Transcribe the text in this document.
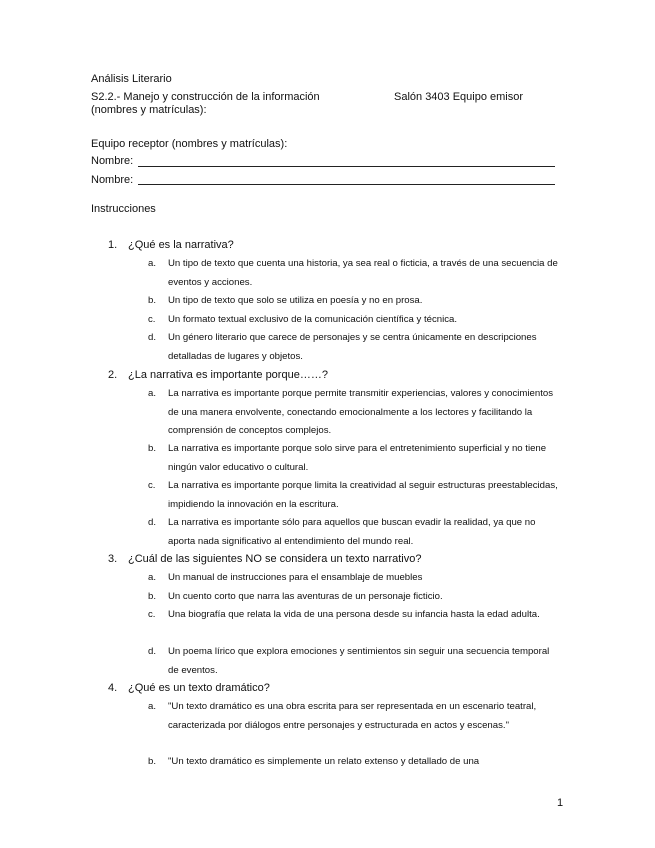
Análisis Literario
S2.2.- Manejo y construcción de la información	Salón 3403 Equipo emisor
(nombres y matrículas):
Equipo receptor (nombres y matrículas):
Nombre:
Nombre:
Instrucciones
1. ¿Qué es la narrativa?
a. Un tipo de texto que cuenta una historia, ya sea real o ficticia, a través de una secuencia de eventos y acciones.
b. Un tipo de texto que solo se utiliza en poesía y no en prosa.
c. Un formato textual exclusivo de la comunicación científica y técnica.
d. Un género literario que carece de personajes y se centra únicamente en descripciones detalladas de lugares y objetos.
2. ¿La narrativa es importante porque……?
a. La narrativa es importante porque permite transmitir experiencias, valores y conocimientos de una manera envolvente, conectando emocionalmente a los lectores y facilitando la comprensión de conceptos complejos.
b. La narrativa es importante porque solo sirve para el entretenimiento superficial y no tiene ningún valor educativo o cultural.
c. La narrativa es importante porque limita la creatividad al seguir estructuras preestablecidas, impidiendo la innovación en la escritura.
d. La narrativa es importante sólo para aquellos que buscan evadir la realidad, ya que no aporta nada significativo al entendimiento del mundo real.
3. ¿Cuál de las siguientes NO se considera un texto narrativo?
a. Un manual de instrucciones para el ensamblaje de muebles
b. Un cuento corto que narra las aventuras de un personaje ficticio.
c. Una biografía que relata la vida de una persona desde su infancia hasta la edad adulta.
d. Un poema lírico que explora emociones y sentimientos sin seguir una secuencia temporal de eventos.
4. ¿Qué es un texto dramático?
a. "Un texto dramático es una obra escrita para ser representada en un escenario teatral, caracterizada por diálogos entre personajes y estructurada en actos y escenas."
b. "Un texto dramático es simplemente un relato extenso y detallado de una
1
